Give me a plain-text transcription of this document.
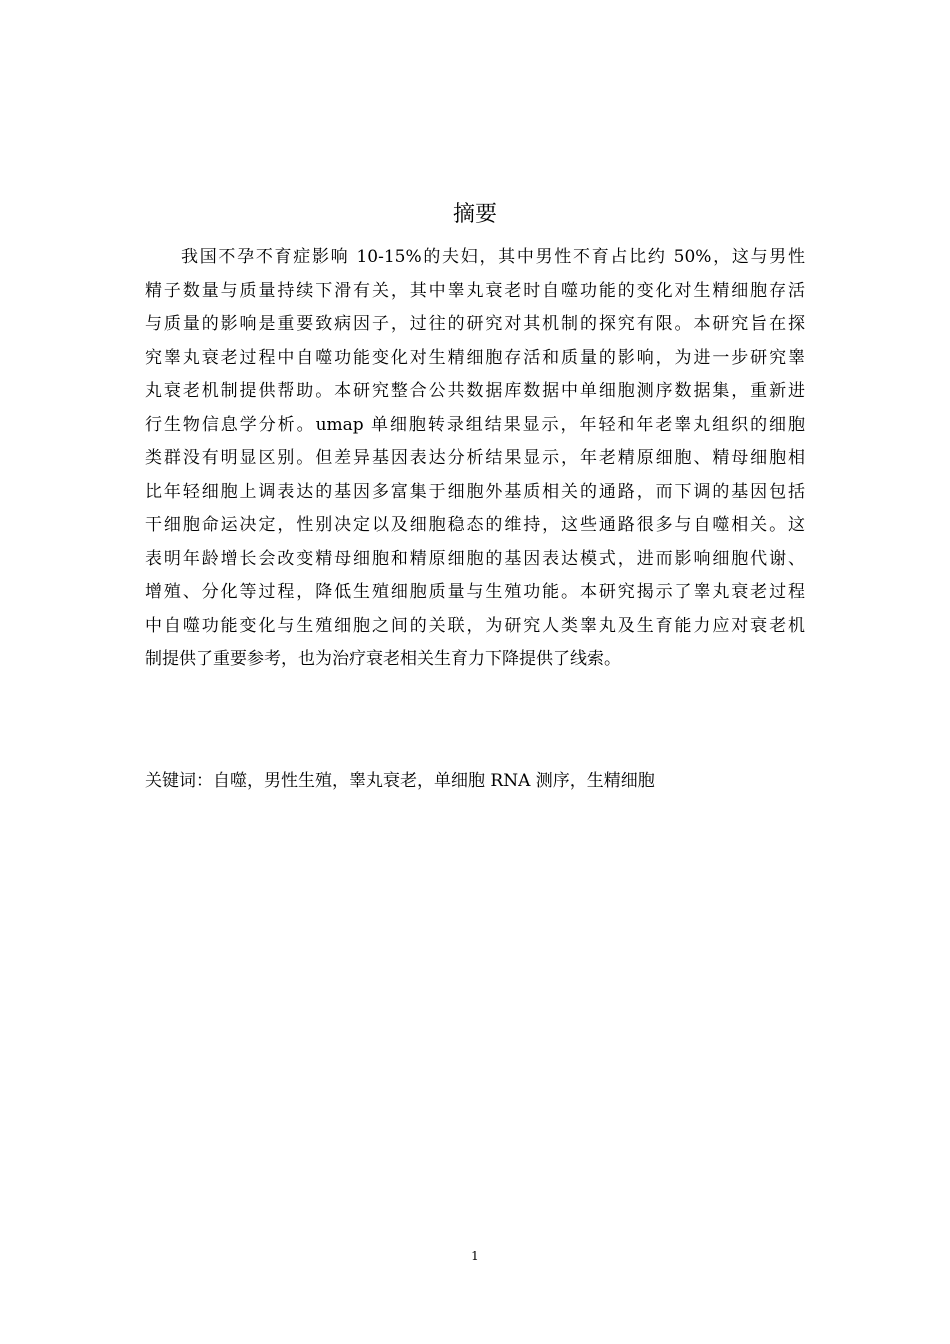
摘要
我国不孕不育症影响 10-15%的夫妇，其中男性不育占比约 50%，这与男性
精子数量与质量持续下滑有关，其中睾丸衰老时自噬功能的变化对生精细胞存活
与质量的影响是重要致病因子，过往的研究对其机制的探究有限。本研究旨在探
究睾丸衰老过程中自噬功能变化对生精细胞存活和质量的影响，为进一步研究睾
丸衰老机制提供帮助。本研究整合公共数据库数据中单细胞测序数据集，重新进
行生物信息学分析。umap 单细胞转录组结果显示，年轻和年老睾丸组织的细胞
类群没有明显区别。但差异基因表达分析结果显示，年老精原细胞、精母细胞相
比年轻细胞上调表达的基因多富集于细胞外基质相关的通路，而下调的基因包括
干细胞命运决定，性别决定以及细胞稳态的维持，这些通路很多与自噬相关。这
表明年龄增长会改变精母细胞和精原细胞的基因表达模式，进而影响细胞代谢、
增殖、分化等过程，降低生殖细胞质量与生殖功能。本研究揭示了睾丸衰老过程
中自噬功能变化与生殖细胞之间的关联，为研究人类睾丸及生育能力应对衰老机
制提供了重要参考，也为治疗衰老相关生育力下降提供了线索。
关键词：自噬，男性生殖，睾丸衰老，单细胞 RNA 测序，生精细胞
1
